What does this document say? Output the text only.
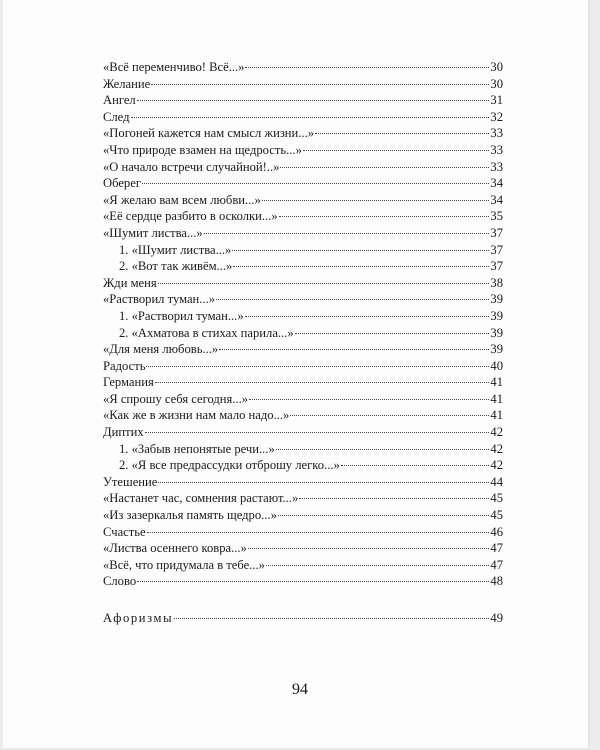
«Всё переменчиво! Всё...»	30
Желание	30
Ангел	31
След	32
«Погоней кажется нам смысл жизни...»	33
«Что природе взамен на щедрость...»	33
«О начало встречи случайной!..»	33
Оберег	34
«Я желаю вам всем любви...»	34
«Её сердце разбито в осколки...»	35
«Шумит листва...»	37
1. «Шумит листва...»	37
2. «Вот так живём...»	37
Жди меня	38
«Растворил туман...»	39
1. «Растворил туман...»	39
2. «Ахматова в стихах парила...»	39
«Для меня любовь...»	39
Радость	40
Германия	41
«Я спрошу себя сегодня...»	41
«Как же в жизни нам мало надо...»	41
Диптих	42
1. «Забыв непонятые речи...»	42
2. «Я все предрассудки отброшу легко...»	42
Утешение	44
«Настанет час, сомнения растают...»	45
«Из зазеркалья память щедро...»	45
Счастье	46
«Листва осеннего ковра...»	47
«Всё, что придумала в тебе...»	47
Слово	48
Афоризмы	49
94
